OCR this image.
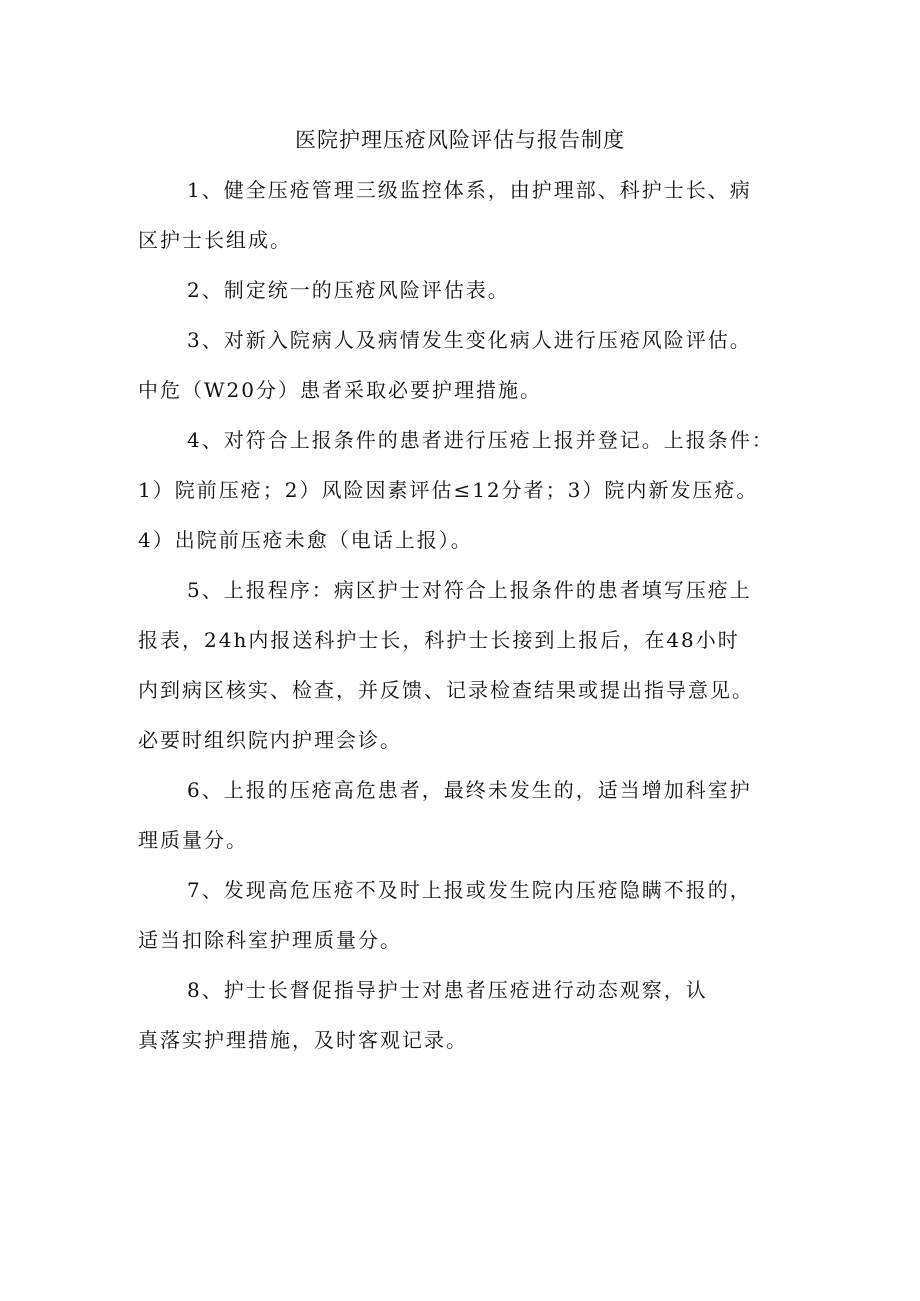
医院护理压疮风险评估与报告制度
1、健全压疮管理三级监控体系，由护理部、科护士长、病
区护士长组成。
2、制定统一的压疮风险评估表。
3、对新入院病人及病情发生变化病人进行压疮风险评估。
中危（W20分）患者采取必要护理措施。
4、对符合上报条件的患者进行压疮上报并登记。上报条件：
1）院前压疮；2）风险因素评估≤12分者；3）院内新发压疮。
4）出院前压疮未愈（电话上报）。
5、上报程序：病区护士对符合上报条件的患者填写压疮上
报表，24h内报送科护士长，科护士长接到上报后，在48小时
内到病区核实、检查，并反馈、记录检查结果或提出指导意见。
必要时组织院内护理会诊。
6、上报的压疮高危患者，最终未发生的，适当增加科室护
理质量分。
7、发现高危压疮不及时上报或发生院内压疮隐瞒不报的，
适当扣除科室护理质量分。
8、护士长督促指导护士对患者压疮进行动态观察，认
真落实护理措施，及时客观记录。
